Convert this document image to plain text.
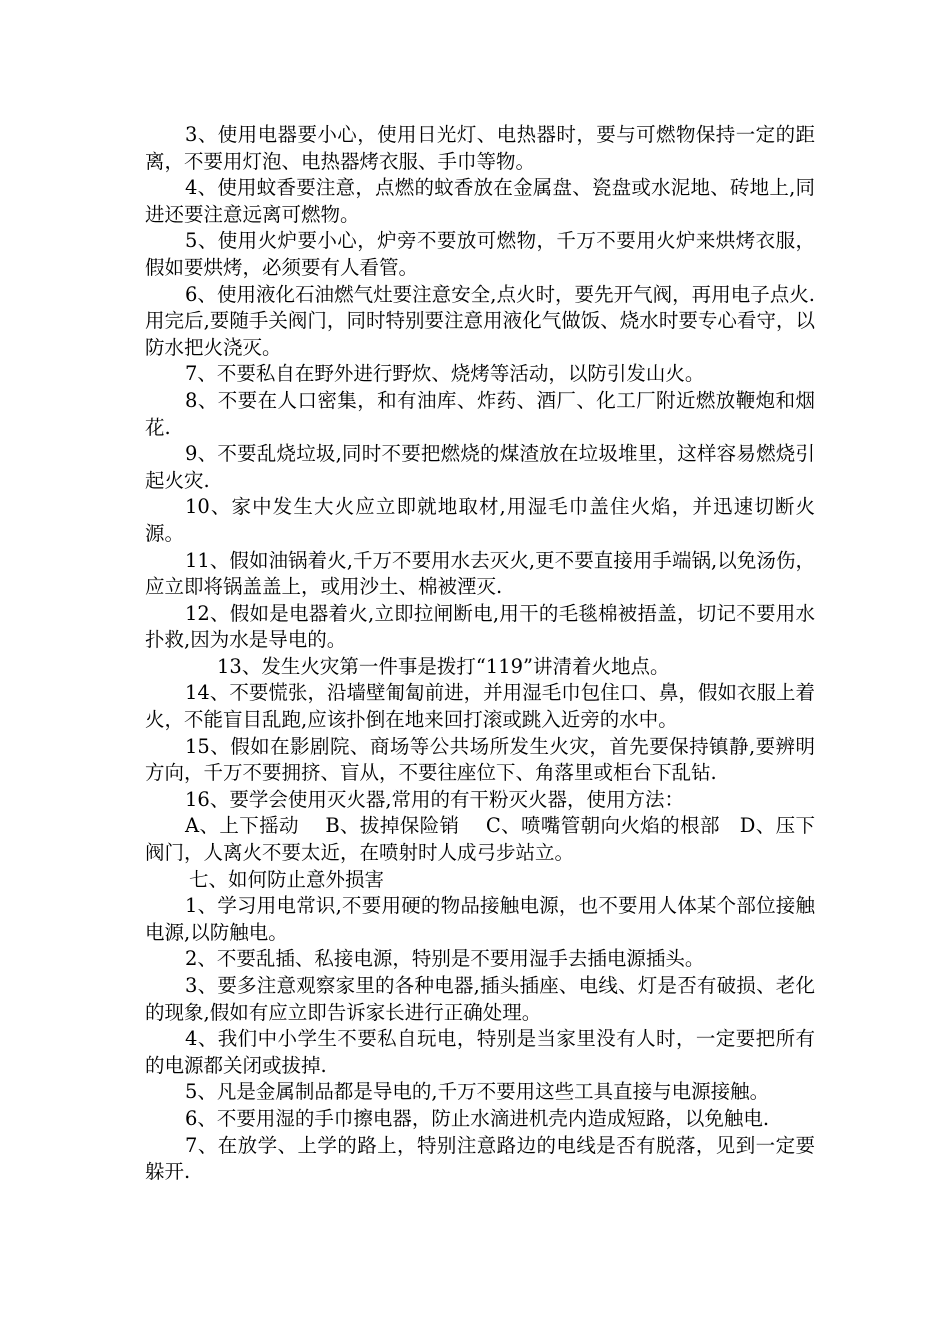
3、使用电器要小心，使用日光灯、电热器时，要与可燃物保持一定的距离，不要用灯泡、电热器烤衣服、手巾等物。

4、使用蚊香要注意，点燃的蚊香放在金属盘、瓷盘或水泥地、砖地上,同进还要注意远离可燃物。

5、使用火炉要小心，炉旁不要放可燃物，千万不要用火炉来烘烤衣服，假如要烘烤，必须要有人看管。

6、使用液化石油燃气灶要注意安全,点火时，要先开气阀，再用电子点火.用完后,要随手关阀门，同时特别要注意用液化气做饭、烧水时要专心看守，以防水把火浇灭。

7、不要私自在野外进行野炊、烧烤等活动，以防引发山火。

8、不要在人口密集，和有油库、炸药、酒厂、化工厂附近燃放鞭炮和烟花.

9、不要乱烧垃圾,同时不要把燃烧的煤渣放在垃圾堆里，这样容易燃烧引起火灾.

10、家中发生大火应立即就地取材,用湿毛巾盖住火焰，并迅速切断火源。

11、假如油锅着火,千万不要用水去灭火,更不要直接用手端锅,以免汤伤，应立即将锅盖盖上，或用沙土、棉被湮灭.

12、假如是电器着火,立即拉闸断电,用干的毛毯棉被捂盖，切记不要用水扑救,因为水是导电的。

13、发生火灾第一件事是拨打“119”讲清着火地点。

14、不要慌张，沿墙壁匍匐前进，并用湿毛巾包住口、鼻，假如衣服上着火，不能盲目乱跑,应该扑倒在地来回打滚或跳入近旁的水中。

15、假如在影剧院、商场等公共场所发生火灾，首先要保持镇静,要辨明方向，千万不要拥挤、盲从，不要往座位下、角落里或柜台下乱钻.

16、要学会使用灭火器,常用的有干粉灭火器，使用方法：

A、上下摇动　 B、拔掉保险销　 C、喷嘴管朝向火焰的根部　D、压下阀门，人离火不要太近，在喷射时人成弓步站立。

七、如何防止意外损害

1、学习用电常识,不要用硬的物品接触电源，也不要用人体某个部位接触电源,以防触电。

2、不要乱插、私接电源，特别是不要用湿手去插电源插头。

3、要多注意观察家里的各种电器,插头插座、电线、灯是否有破损、老化的现象,假如有应立即告诉家长进行正确处理。

4、我们中小学生不要私自玩电，特别是当家里没有人时，一定要把所有的电源都关闭或拔掉.

5、凡是金属制品都是导电的,千万不要用这些工具直接与电源接触。

6、不要用湿的手巾擦电器，防止水滴进机壳内造成短路，以免触电.

7、在放学、上学的路上，特别注意路边的电线是否有脱落，见到一定要躲开.
